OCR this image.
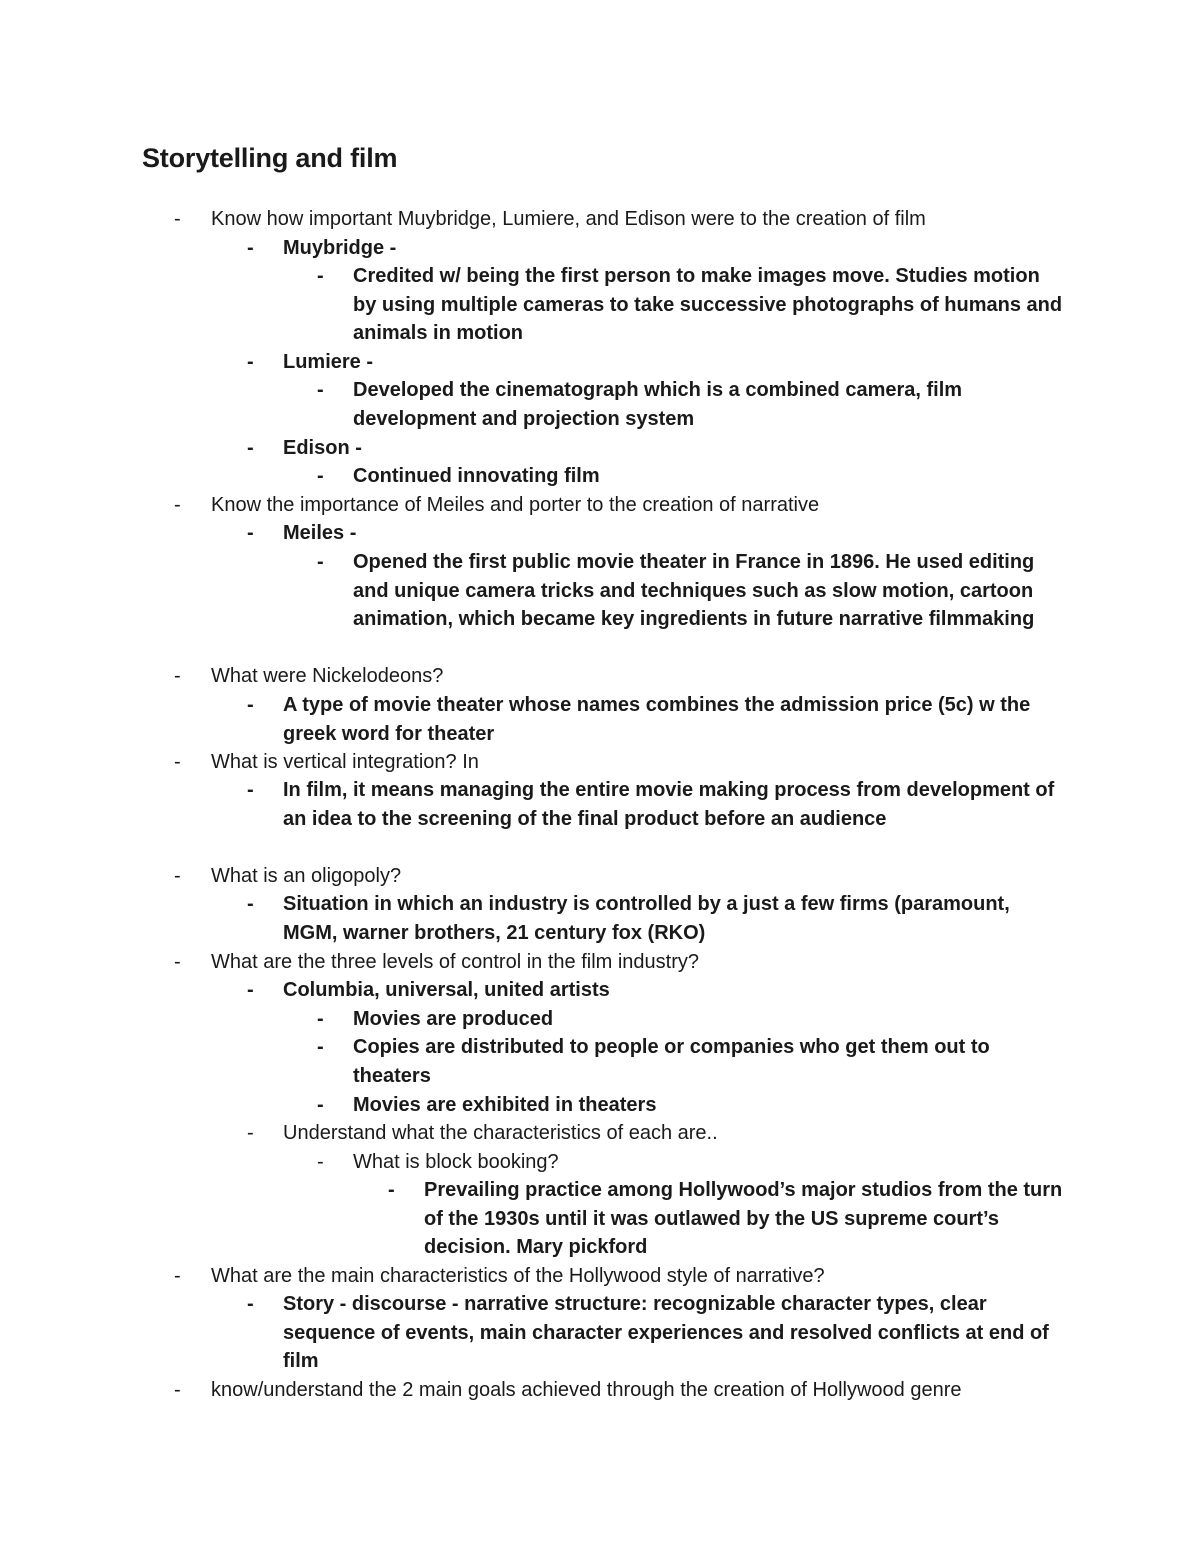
Storytelling and film
- Know how important Muybridge, Lumiere, and Edison were to the creation of film
- Muybridge -
- Credited w/ being the first person to make images move. Studies motion by using multiple cameras to take successive photographs of humans and animals in motion
- Lumiere -
- Developed the cinematograph which is a combined camera, film development and projection system
- Edison -
- Continued innovating film
- Know the importance of Meiles and porter to the creation of narrative
- Meiles -
- Opened the first public movie theater in France in 1896. He used editing and unique camera tricks and techniques such as slow motion, cartoon animation, which became key ingredients in future narrative filmmaking
- What were Nickelodeons?
- A type of movie theater whose names combines the admission price (5c) w the greek word for theater
- What is vertical integration? In
- In film, it means managing the entire movie making process from development of an idea to the screening of the final product before an audience
- What is an oligopoly?
- Situation in which an industry is controlled by a just a few firms (paramount, MGM, warner brothers, 21 century fox (RKO)
- What are the three levels of control in the film industry?
- Columbia, universal, united artists
- Movies are produced
- Copies are distributed to people or companies who get them out to theaters
- Movies are exhibited in theaters
- Understand what the characteristics of each are..
- What is block booking?
- Prevailing practice among Hollywood’s major studios from the turn of the 1930s until it was outlawed by the US supreme court’s decision. Mary pickford
- What are the main characteristics of the Hollywood style of narrative?
- Story - discourse - narrative structure: recognizable character types, clear sequence of events, main character experiences and resolved conflicts at end of film
- know/understand the 2 main goals achieved through the creation of Hollywood genre
